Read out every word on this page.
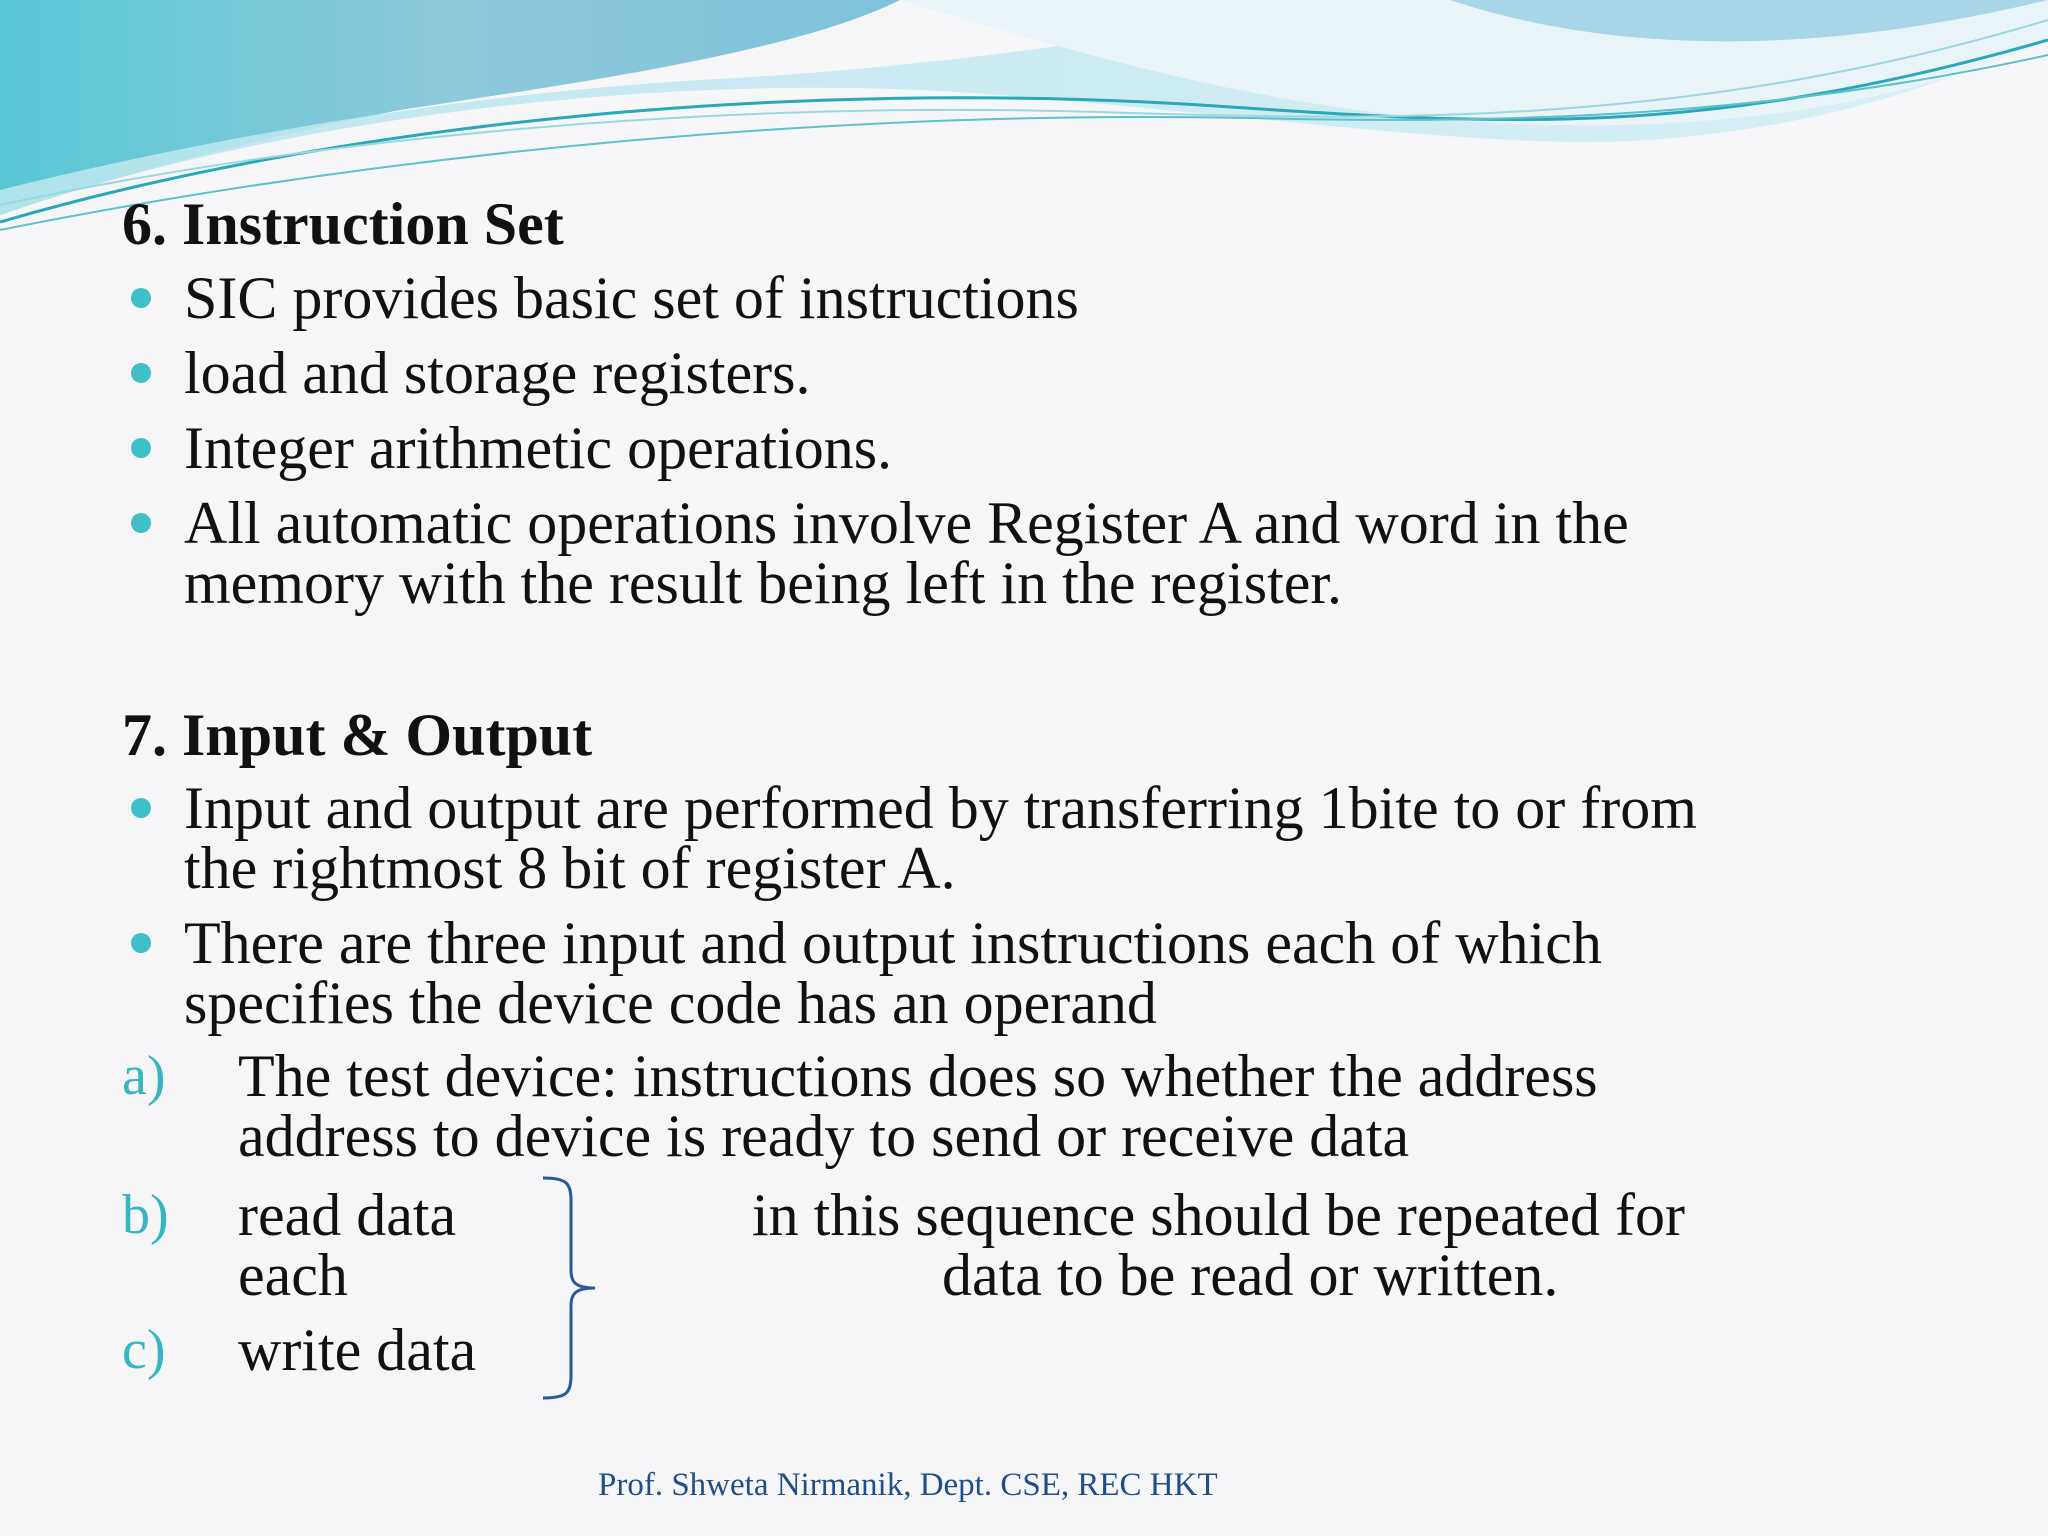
6. Instruction Set
SIC provides basic set of instructions
load and storage registers.
Integer arithmetic operations.
All automatic operations involve Register A and word in the
memory with the result being left in the register.
7. Input & Output
Input and output are performed by transferring 1bite to or from
the rightmost 8 bit of register A.
There are three input and output instructions each of which
specifies the device code has an operand
a) The test device: instructions does so whether the address
address to device is ready to send or receive data
b) read data
each
c) write data
in this sequence should be repeated for
data to be read or written.
Prof. Shweta Nirmanik, Dept. CSE, REC HKT
